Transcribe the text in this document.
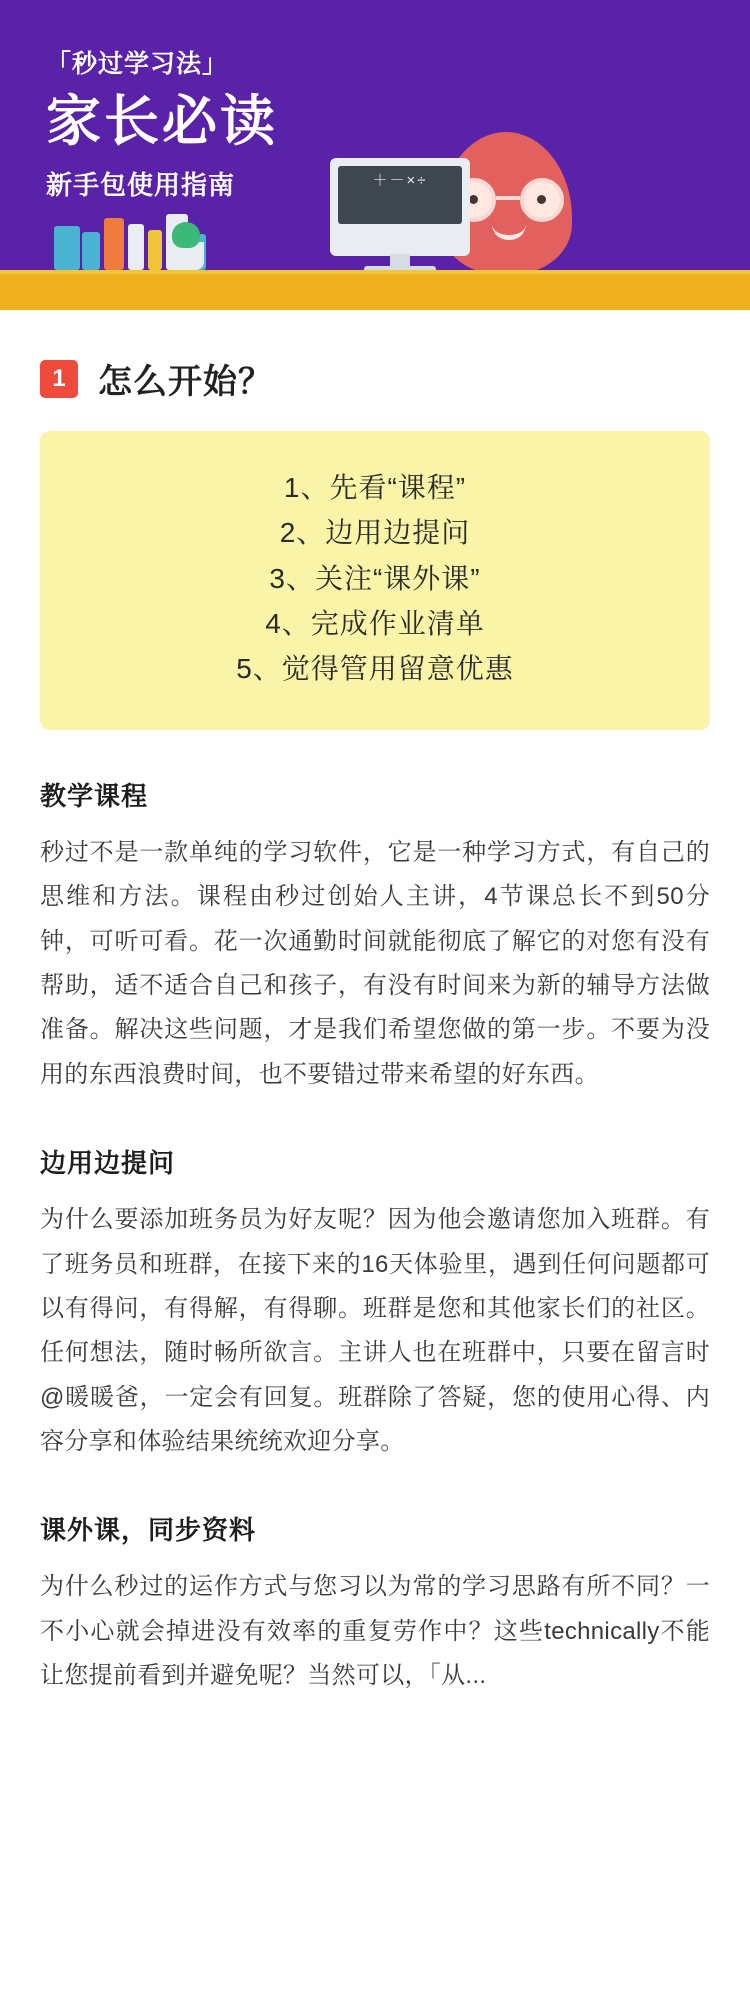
「秒过学习法」
家长必读
新手包使用指南	＋－×÷
1 怎么开始？
1、先看“课程”
2、边用边提问
3、关注“课外课”
4、完成作业清单
5、觉得管用留意优惠
教学课程
秒过不是一款单纯的学习软件，它是一种学习方式，有自己的思维和方法。课程由秒过创始人主讲，4节课总长不到50分钟，可听可看。花一次通勤时间就能彻底了解它的对您有没有帮助，适不适合自己和孩子，有没有时间来为新的辅导方法做准备。解决这些问题，才是我们希望您做的第一步。不要为没用的东西浪费时间，也不要错过带来希望的好东西。
边用边提问
为什么要添加班务员为好友呢？因为他会邀请您加入班群。有了班务员和班群，在接下来的16天体验里，遇到任何问题都可以有得问，有得解，有得聊。班群是您和其他家长们的社区。任何想法，随时畅所欲言。主讲人也在班群中，只要在留言时@暖暖爸，一定会有回复。班群除了答疑，您的使用心得、内容分享和体验结果统统欢迎分享。
课外课，同步资料
为什么秒过的运作方式与您习以为常的学习思路有所不同？一不小心就会掉进没有效率的重复劳作中？这些technically不能让您提前看到并避免呢？当然可以，「从...
